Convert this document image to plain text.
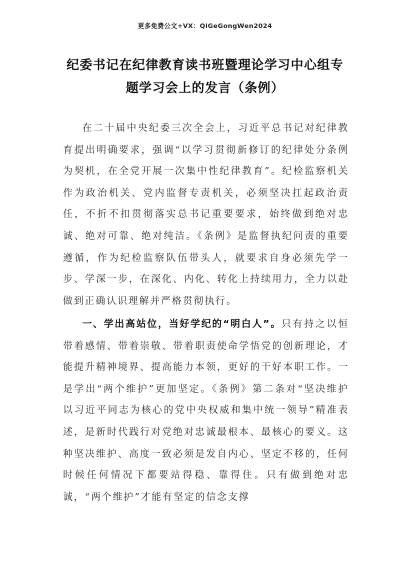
更多免费公文+VX：QiGeGongWen2024
纪委书记在纪律教育读书班暨理论学习中心组专题学习会上的发言（条例）
在二十届中央纪委三次全会上，习近平总书记对纪律教育提出明确要求，强调“以学习贯彻新修订的纪律处分条例为契机，在全党开展一次集中性纪律教育”。纪检监察机关作为政治机关、党内监督专责机关，必须坚决扛起政治责任，不折不扣贯彻落实总书记重要要求，始终做到绝对忠诚、绝对可靠、绝对纯洁。《条例》是监督执纪问责的重要遵循，作为纪检监察队伍带头人，就要求自身必须先学一步、学深一步，在深化、内化、转化上持续用力，全力以赴做到正确认识理解并严格贯彻执行。
一、学出高站位，当好学纪的“明白人”。只有持之以恒带着感情、带着崇敬、带着职责使命学悟党的创新理论，才能提升精神境界、提高能力本领，更好的干好本职工作。一是学出“两个维护”更加坚定。《条例》第二条对“坚决维护以习近平同志为核心的党中央权威和集中统一领导”精准表述，是新时代践行对党绝对忠诚最根本、最核心的要义。这种坚决维护、高度一致必须是发自内心、坚定不移的，任何时候任何情况下都要站得稳、靠得住。只有做到绝对忠诚，“两个维护”才能有坚定的信念支撑
